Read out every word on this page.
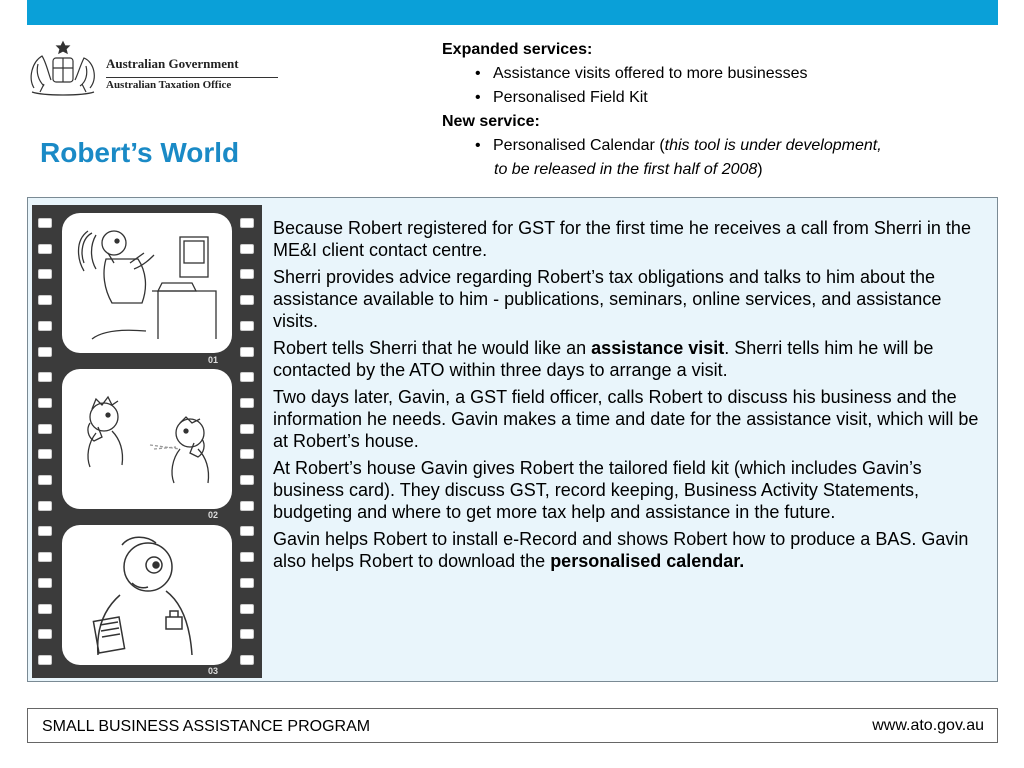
Australian Government
Australian Taxation Office
Robert’s World
Expanded services:
• Assistance visits offered to more businesses
• Personalised Field Kit
New service:
• Personalised Calendar (this tool is under development,
to be released in the first half of 2008)
01
02
03

Because Robert registered for GST for the first time he receives a call from Sherri in the ME&I client contact centre.

Sherri provides advice regarding Robert’s tax obligations and talks to him about the assistance available to him - publications, seminars, online services, and assistance visits.

Robert tells Sherri that he would like an assistance visit. Sherri tells him he will be contacted by the ATO within three days to arrange a visit.

Two days later, Gavin, a GST field officer, calls Robert to discuss his business and the information he needs. Gavin makes a time and date for the assistance visit, which will be at Robert’s house.

At Robert’s house Gavin gives Robert the tailored field kit (which includes Gavin’s business card). They discuss GST, record keeping, Business Activity Statements, budgeting and where to get more tax help and assistance in the future.

Gavin helps Robert to install e-Record and shows Robert how to produce a BAS. Gavin also helps Robert to download the personalised calendar.

SMALL BUSINESS ASSISTANCE PROGRAM	www.ato.gov.au
